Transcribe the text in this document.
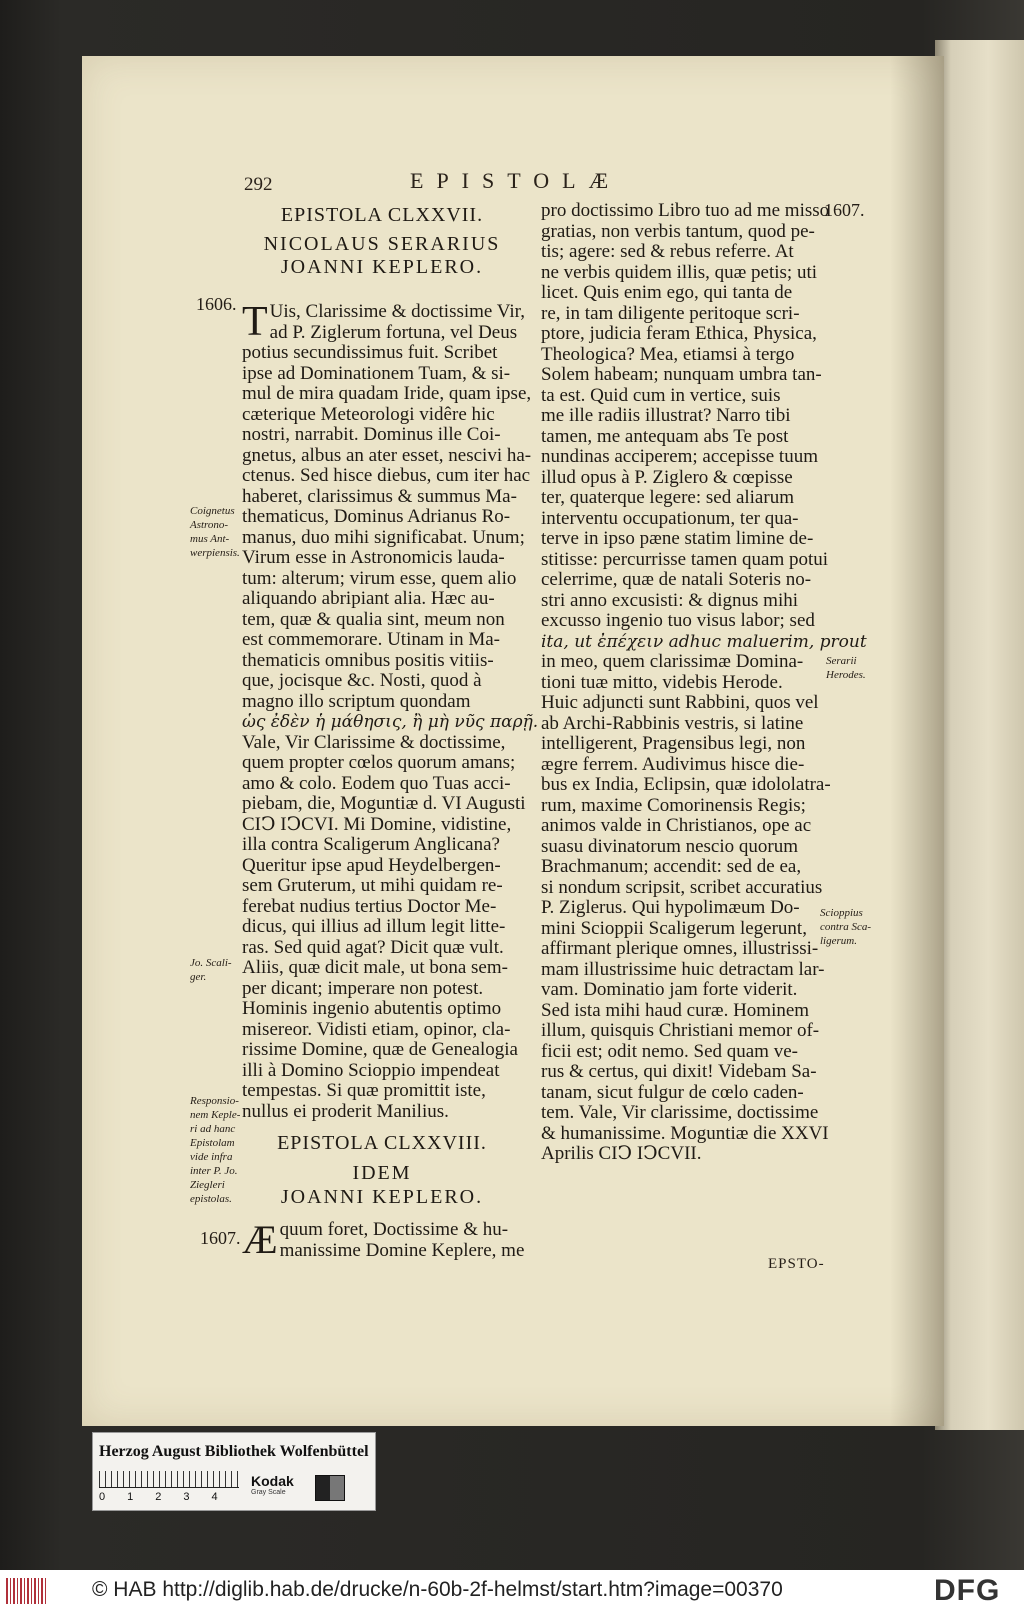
292	EPISTOLÆ
EPISTOLA CLXXVII.
NICOLAUS SERARIUS
JOANNI KEPLERO.
1606. T Uis, Clarissime & doctissime Vir,
ad P. Ziglerum fortuna, vel Deus
potius secundissimus fuit. Scribet
ipse ad Dominationem Tuam, & si-
mul de mira quadam Iride, quam ipse,
cæterique Meteorologi vidêre hic
nostri, narrabit. Dominus ille Coi-
gnetus, albus an ater esset, nescivi ha-
ctenus. Sed hisce diebus, cum iter hac
haberet, clarissimus & summus Ma-
thematicus, Dominus Adrianus Ro-
manus, duo mihi significabat. Unum;
Virum esse in Astronomicis lauda-
tum: alterum; virum esse, quem alio
aliquando abripiant alia. Hæc au-
tem, quæ & qualia sint, meum non
est commemorare. Utinam in Ma-
thematicis omnibus positis vitiis-
que, jocisque &c. Nosti, quod à
magno illo scriptum quondam
ὡς ἐδὲν ἡ μάθησις, ἢ μὴ νῦς παρῇ.
Vale, Vir Clarissime & doctissime,
quem propter cœlos quorum amans;
amo & colo. Eodem quo Tuas acci-
piebam, die, Moguntiæ d. VI Augusti
CIↃ IↃCVI. Mi Domine, vidistine,
illa contra Scaligerum Anglicana?
Queritur ipse apud Heydelbergen-
sem Gruterum, ut mihi quidam re-
ferebat nudius tertius Doctor Me-
dicus, qui illius ad illum legit litte-
ras. Sed quid agat? Dicit quæ vult.
Aliis, quæ dicit male, ut bona sem-
per dicant; imperare non potest.
Hominis ingenio abutentis optimo
misereor. Vidisti etiam, opinor, cla-
rissime Domine, quæ de Genealogia
illi à Domino Scioppio impendeat
tempestas. Si quæ promittit iste,
nullus ei proderit Manilius.
EPISTOLA CLXXVIII.
IDEM
JOANNI KEPLERO.
1607. Æ quum foret, Doctissime & hu-
manissime Domine Keplere, me
1607.
pro doctissimo Libro tuo ad me misso
gratias, non verbis tantum, quod pe-
tis; agere: sed & rebus referre. At
ne verbis quidem illis, quæ petis; uti
licet. Quis enim ego, qui tanta de
re, in tam diligente peritoque scri-
ptore, judicia feram Ethica, Physica,
Theologica? Mea, etiamsi à tergo
Solem habeam; nunquam umbra tan-
ta est. Quid cum in vertice, suis
me ille radiis illustrat? Narro tibi
tamen, me antequam abs Te post
nundinas acciperem; accepisse tuum
illud opus à P. Ziglero & cœpisse
ter, quaterque legere: sed aliarum
interventu occupationum, ter qua-
terve in ipso pæne statim limine de-
stitisse: percurrisse tamen quam potui
celerrime, quæ de natali Soteris no-
stri anno excusisti: & dignus mihi
excusso ingenio tuo visus labor; sed
ita, ut ἐπέχειν adhuc maluerim, prout
in meo, quem clarissimæ Domina-
tioni tuæ mitto, videbis Herode.
Huic adjuncti sunt Rabbini, quos vel
ab Archi-Rabbinis vestris, si latine
intelligerent, Pragensibus legi, non
ægre ferrem. Audivimus hisce die-
bus ex India, Eclipsin, quæ idololatra-
rum, maxime Comorinensis Regis;
animos valde in Christianos, ope ac
suasu divinatorum nescio quorum
Brachmanum; accendit: sed de ea,
si nondum scripsit, scribet accuratius
P. Ziglerus. Qui hypolimæum Do-
mini Scioppii Scaligerum legerunt,
affirmant plerique omnes, illustrissi-
mam illustrissime huic detractam lar-
vam. Dominatio jam forte viderit.
Sed ista mihi haud curæ. Hominem
illum, quisquis Christiani memor of-
ficii est; odit nemo. Sed quam ve-
rus & certus, qui dixit! Videbam Sa-
tanam, sicut fulgur de cœlo caden-
tem. Vale, Vir clarissime, doctissime
& humanissime. Moguntiæ die XXVI
Aprilis CIↃ IↃCVII.
Coignetus
Astrono-
mus Ant-
werpiensis.
Jo. Scali-
ger.
Responsio-
nem Keple-
ri ad hanc
Epistolam
vide infra
inter P. Jo.
Ziegleri
epistolas.
Serarii
Herodes.
Scioppius
contra Sca-
ligerum.
EPSTO-
Herzog August Bibliothek Wolfenbüttel
01234
Kodak
Gray Scale
© HAB http://diglib.hab.de/drucke/n-60b-2f-helmst/start.htm?image=00370	DFG
